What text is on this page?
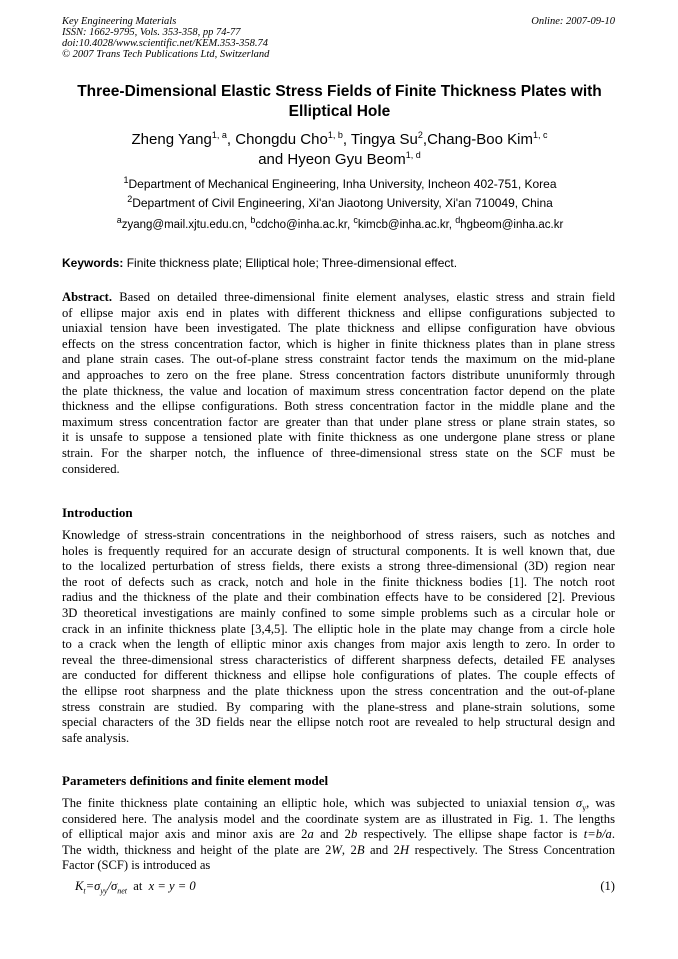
Key Engineering Materials
ISSN: 1662-9795, Vols. 353-358, pp 74-77
doi:10.4028/www.scientific.net/KEM.353-358.74
© 2007 Trans Tech Publications Ltd, Switzerland
Online: 2007-09-10
Three-Dimensional Elastic Stress Fields of Finite Thickness Plates with
Elliptical Hole
Zheng Yang$^{1, a}$, Chongdu Cho$^{1, b}$, Tingya Su$^2$,Chang-Boo Kim$^{1, c}$
and Hyeon Gyu Beom$^{1, d}$
$^1$Department of Mechanical Engineering, Inha University, Incheon 402-751, Korea
$^2$Department of Civil Engineering, Xi'an Jiaotong University, Xi'an 710049, China
$^a$zyang@mail.xjtu.edu.cn, $^b$cdcho@inha.ac.kr, $^c$kimcb@inha.ac.kr, $^d$hgbeom@inha.ac.kr
Keywords: Finite thickness plate; Elliptical hole; Three-dimensional effect.
Abstract. Based on detailed three-dimensional finite element analyses, elastic stress and strain field
of ellipse major axis end in plates with different thickness and ellipse configurations subjected to
uniaxial tension have been investigated. The plate thickness and ellipse configuration have obvious
effects on the stress concentration factor, which is higher in finite thickness plates than in plane stress
and plane strain cases. The out-of-plane stress constraint factor tends the maximum on the mid-plane
and approaches to zero on the free plane. Stress concentration factors distribute ununiformly through
the plate thickness, the value and location of maximum stress concentration factor depend on the plate
thickness and the ellipse configurations. Both stress concentration factor in the middle plane and the
maximum stress concentration factor are greater than that under plane stress or plane strain states, so
it is unsafe to suppose a tensioned plate with finite thickness as one undergone plane stress or plane
strain. For the sharper notch, the influence of three-dimensional stress state on the SCF must be
considered.
Introduction
Knowledge of stress-strain concentrations in the neighborhood of stress raisers, such as notches and
holes is frequently required for an accurate design of structural components. It is well known that, due
to the localized perturbation of stress fields, there exists a strong three-dimensional (3D) region near
the root of defects such as crack, notch and hole in the finite thickness bodies [1]. The notch root
radius and the thickness of the plate and their combination effects have to be considered [2]. Previous
3D theoretical investigations are mainly confined to some simple problems such as a circular hole or
crack in an infinite thickness plate [3,4,5]. The elliptic hole in the plate may change from a circle hole
to a crack when the length of elliptic minor axis changes from major axis length to zero. In order to
reveal the three-dimensional stress characteristics of different sharpness defects, detailed FE analyses
are conducted for different thickness and ellipse hole configurations of plates. The couple effects of
the ellipse root sharpness and the plate thickness upon the stress concentration and the out-of-plane
stress constrain are studied. By comparing with the plane-stress and plane-strain solutions, some
special characters of the 3D fields near the ellipse notch root are revealed to help structural design and
safe analysis.
Parameters definitions and finite element model
The finite thickness plate containing an elliptic hole, which was subjected to uniaxial tension $\sigma_y$, was
considered here. The analysis model and the coordinate system are as illustrated in Fig. 1. The lengths
of elliptical major axis and minor axis are 2a and 2b respectively. The ellipse shape factor is t=b/a.
The width, thickness and height of the plate are 2W, 2B and 2H respectively. The Stress Concentration
Factor (SCF) is introduced as
$K_t=\sigma_{yy}/\sigma_{net}$  at  x = y = 0	(1)
